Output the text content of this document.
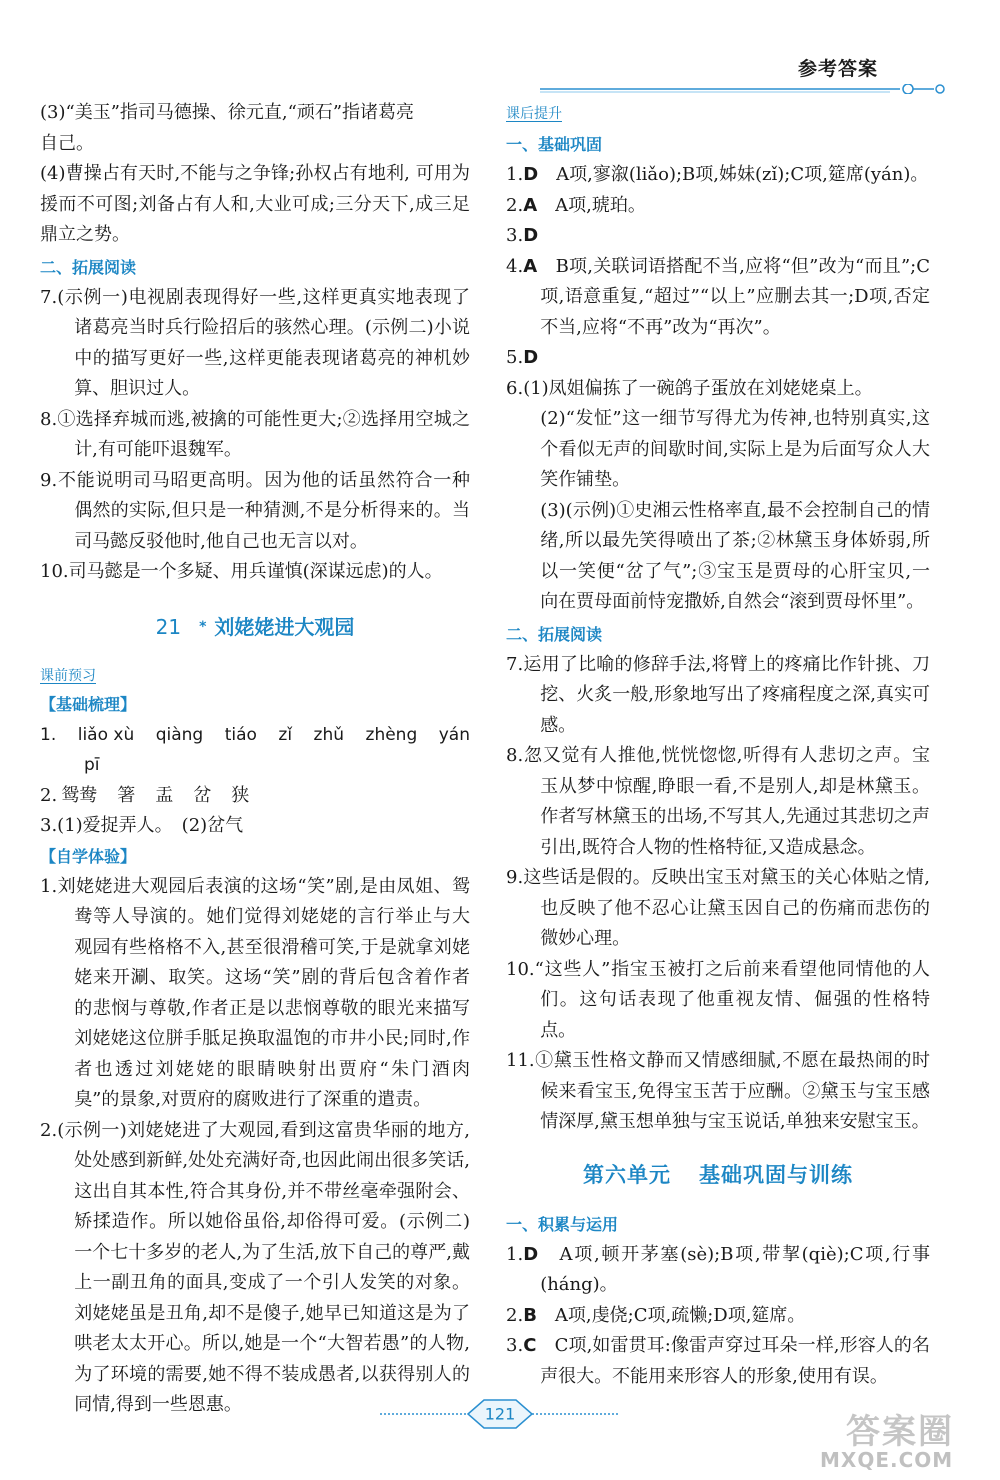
参考答案

(3)“美玉”指司马德操、徐元直,“顽石”指诸葛亮
自己。

(4)曹操占有天时,不能与之争锋;孙权占有地利, 可用为援而不可图;刘备占有人和,大业可成;三分天下,成三足鼎立之势。

二、拓展阅读

7.(示例一)电视剧表现得好一些,这样更真实地表现了诸葛亮当时兵行险招后的骇然心理。(示例二)小说中的描写更好一些,这样更能表现诸葛亮的神机妙算、胆识过人。

8.①选择弃城而逃,被擒的可能性更大;②选择用空城之计,有可能吓退魏军。

9.不能说明司马昭更高明。因为他的话虽然符合一种偶然的实际,但只是一种猜测,不是分析得来的。当司马懿反驳他时,他自己也无言以对。

10.司马懿是一个多疑、用兵谨慎(深谋远虑)的人。

21 * 刘姥姥进大观园
课前预习
【基础梳理】
1. liǎo xù qiàng tiáo zǐ zhǔ zhèng yán
pī
2. 鸳鸯 箸 盂 岔 狭

3.(1)爱捉弄人。　(2)岔气

【自学体验】

1.刘姥姥进大观园后表演的这场“笑”剧,是由凤姐、鸳鸯等人导演的。她们觉得刘姥姥的言行举止与大观园有些格格不入,甚至很滑稽可笑,于是就拿刘姥姥来开涮、取笑。这场“笑”剧的背后包含着作者的悲悯与尊敬,作者正是以悲悯尊敬的眼光来描写刘姥姥这位胼手胝足换取温饱的市井小民;同时,作者也透过刘姥姥的眼睛映射出贾府“朱门酒肉臭”的景象,对贾府的腐败进行了深重的遣责。

2.(示例一)刘姥姥进了大观园,看到这富贵华丽的地方,处处感到新鲜,处处充满好奇,也因此闹出很多笑话,这出自其本性,符合其身份,并不带丝毫牵强附会、矫揉造作。所以她俗虽俗,却俗得可爱。(示例二)一个七十多岁的老人,为了生活,放下自己的尊严,戴上一副丑角的面具,变成了一个引人发笑的对象。刘姥姥虽是丑角,却不是傻子,她早已知道这是为了哄老太太开心。所以,她是一个“大智若愚”的人物,为了环境的需要,她不得不装成愚者,以获得别人的同情,得到一些恩惠。

课后提升
一、基础巩固

1.D　 A项,寥溆(liǎo);B项,姊妹(zǐ);C项,筵席(yán)。

2.A　 A项,琥珀。

3.D

4.A　 B项,关联词语搭配不当,应将“但”改为“而且”;C项,语意重复,“超过”“以上”应删去其一;D项,否定不当,应将“不再”改为“再次”。

5.D

6.(1)凤姐偏拣了一碗鸽子蛋放在刘姥姥桌上。

(2)“发怔”这一细节写得尤为传神,也特别真实,这个看似无声的间歇时间,实际上是为后面写众人大笑作铺垫。

(3)(示例)①史湘云性格率直,最不会控制自己的情绪,所以最先笑得喷出了茶;②林黛玉身体娇弱,所以一笑便“岔了气”;③宝玉是贾母的心肝宝贝,一向在贾母面前恃宠撒娇,自然会“滚到贾母怀里”。

二、拓展阅读

7.运用了比喻的修辞手法,将臂上的疼痛比作针挑、刀挖、火炙一般,形象地写出了疼痛程度之深,真实可感。

8.忽又觉有人推他,恍恍惚惚,听得有人悲切之声。宝玉从梦中惊醒,睁眼一看,不是别人,却是林黛玉。作者写林黛玉的出场,不写其人,先通过其悲切之声引出,既符合人物的性格特征,又造成悬念。

9.这些话是假的。反映出宝玉对黛玉的关心体贴之情,也反映了他不忍心让黛玉因自己的伤痛而悲伤的微妙心理。

10.“这些人”指宝玉被打之后前来看望他同情他的人们。这句话表现了他重视友情、倔强的性格特点。

11.①黛玉性格文静而又情感细腻,不愿在最热闹的时候来看宝玉,免得宝玉苦于应酬。②黛玉与宝玉感情深厚,黛玉想单独与宝玉说话,单独来安慰宝玉。

第六单元 基础巩固与训练
一、积累与运用

1.D　 A项,顿开茅塞(sè);B项,带挈(qiè);C项,行事(háng)。

2.B　 A项,虔侥;C项,疏懒;D项,筵席。

3.C　 C项,如雷贯耳:像雷声穿过耳朵一样,形容人的名声很大。不能用来形容人的形象,使用有误。

121	答案圈
MXQE.COM
